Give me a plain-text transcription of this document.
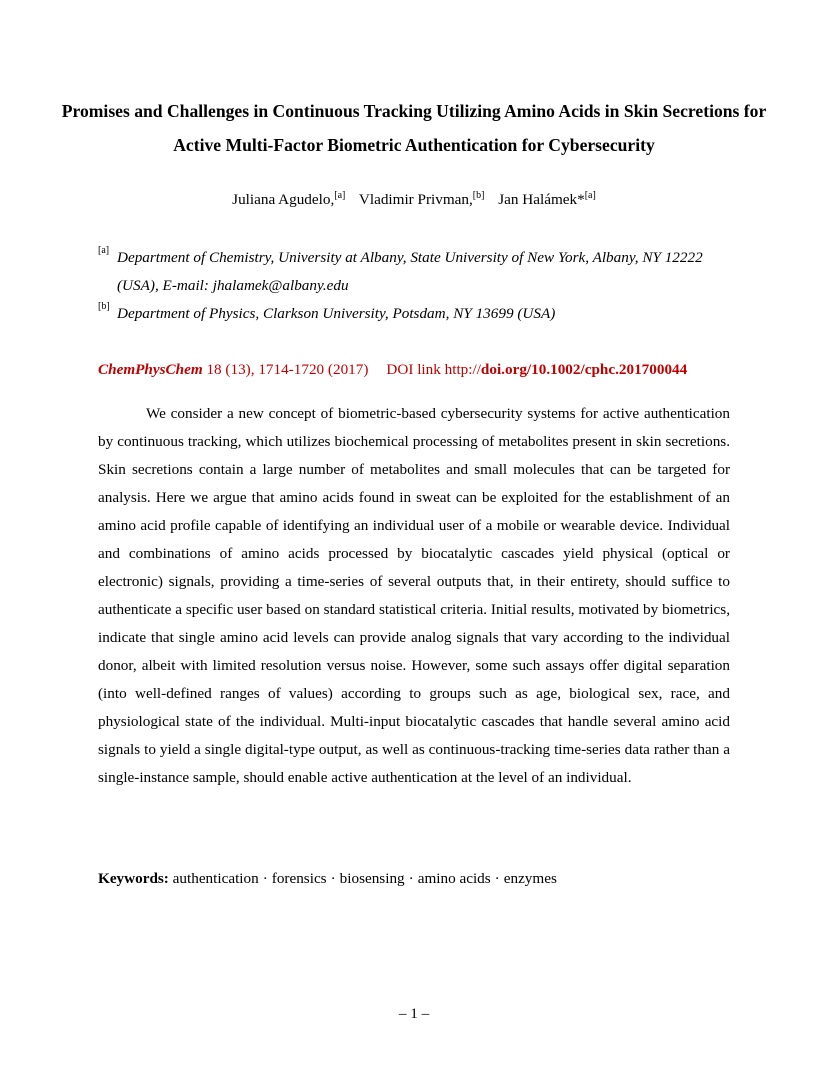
Promises and Challenges in Continuous Tracking Utilizing Amino Acids in Skin Secretions for Active Multi-Factor Biometric Authentication for Cybersecurity
Juliana Agudelo,[a] Vladimir Privman,[b] Jan Halámek*[a]
[a] Department of Chemistry, University at Albany, State University of New York, Albany, NY 12222 (USA), E-mail: jhalamek@albany.edu
[b] Department of Physics, Clarkson University, Potsdam, NY 13699 (USA)
ChemPhysChem 18 (13), 1714-1720 (2017) DOI link http://doi.org/10.1002/cphc.201700044

We consider a new concept of biometric-based cybersecurity systems for active authentication by continuous tracking, which utilizes biochemical processing of metabolites present in skin secretions. Skin secretions contain a large number of metabolites and small molecules that can be targeted for analysis. Here we argue that amino acids found in sweat can be exploited for the establishment of an amino acid profile capable of identifying an individual user of a mobile or wearable device. Individual and combinations of amino acids processed by biocatalytic cascades yield physical (optical or electronic) signals, providing a time-series of several outputs that, in their entirety, should suffice to authenticate a specific user based on standard statistical criteria. Initial results, motivated by biometrics, indicate that single amino acid levels can provide analog signals that vary according to the individual donor, albeit with limited resolution versus noise. However, some such assays offer digital separation (into well-defined ranges of values) according to groups such as age, biological sex, race, and physiological state of the individual. Multi-input biocatalytic cascades that handle several amino acid signals to yield a single digital-type output, as well as continuous-tracking time-series data rather than a single-instance sample, should enable active authentication at the level of an individual.

Keywords: authentication · forensics · biosensing · amino acids · enzymes
– 1 –
